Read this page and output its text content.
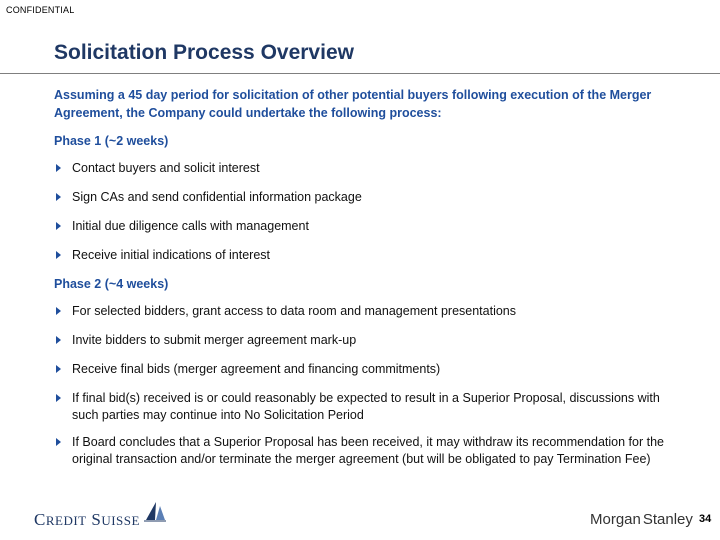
CONFIDENTIAL
Solicitation Process Overview

Assuming a 45 day period for solicitation of other potential buyers following execution of the Merger Agreement, the Company could undertake the following process:

Phase 1 (~2 weeks)
Contact buyers and solicit interest
Sign CAs and send confidential information package
Initial due diligence calls with management
Receive initial indications of interest
Phase 2 (~4 weeks)
For selected bidders, grant access to data room and management presentations
Invite bidders to submit merger agreement mark-up
Receive final bids (merger agreement and financing commitments)
If final bid(s) received is or could reasonably be expected to result in a Superior Proposal, discussions with such parties may continue into No Solicitation Period
If Board concludes that a Superior Proposal has been received, it may withdraw its recommendation for the original transaction and/or terminate the merger agreement (but will be obligated to pay Termination Fee)
CREDIT SUISSE	Morgan Stanley 34
